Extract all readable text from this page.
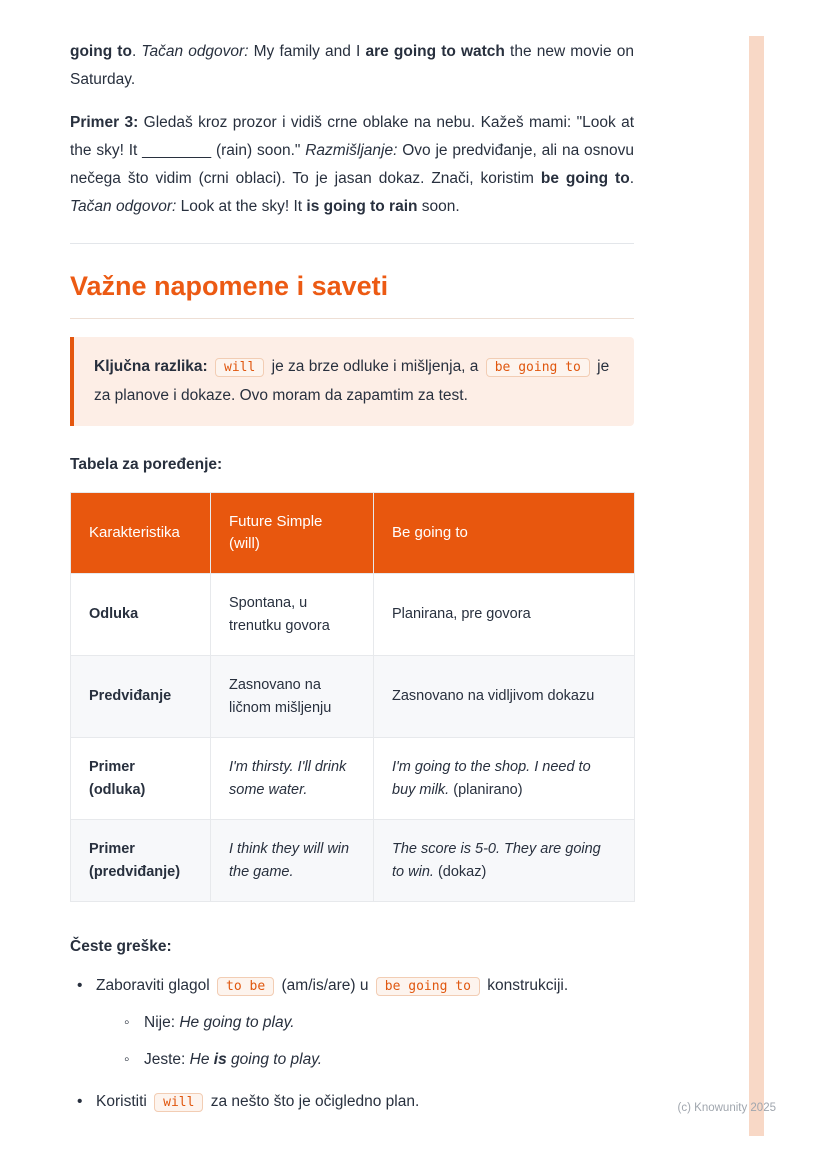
going to. Tačan odgovor: My family and I are going to watch the new movie on Saturday.

Primer 3: Gledaš kroz prozor i vidiš crne oblake na nebu. Kažeš mami: "Look at the sky! It ________ (rain) soon." Razmišljanje: Ovo je predviđanje, ali na osnovu nečega što vidim (crni oblaci). To je jasan dokaz. Znači, koristim be going to. Tačan odgovor: Look at the sky! It is going to rain soon.

Važne napomene i saveti

Ključna razlika: will je za brze odluke i mišljenja, a be going to je za planove i dokaze. Ovo moram da zapamtim za test.

Tabela za poređenje:

Karakteristika	Future Simple (will)	Be going to
Odluka	Spontana, u trenutku govora	Planirana, pre govora
Predviđanje	Zasnovano na ličnom mišljenju	Zasnovano na vidljivom dokazu
Primer (odluka)	I'm thirsty. I'll drink some water.	I'm going to the shop. I need to buy milk. (planirano)
Primer (predviđanje)	I think they will win the game.	The score is 5-0. They are going to win. (dokaz)

Česte greške:

• Zaboraviti glagol to be (am/is/are) u be going to konstrukciji.
◦ Nije: He going to play.
◦ Jeste: He is going to play.
• Koristiti will za nešto što je očigledno plan.	(c) Knowunity 2025
